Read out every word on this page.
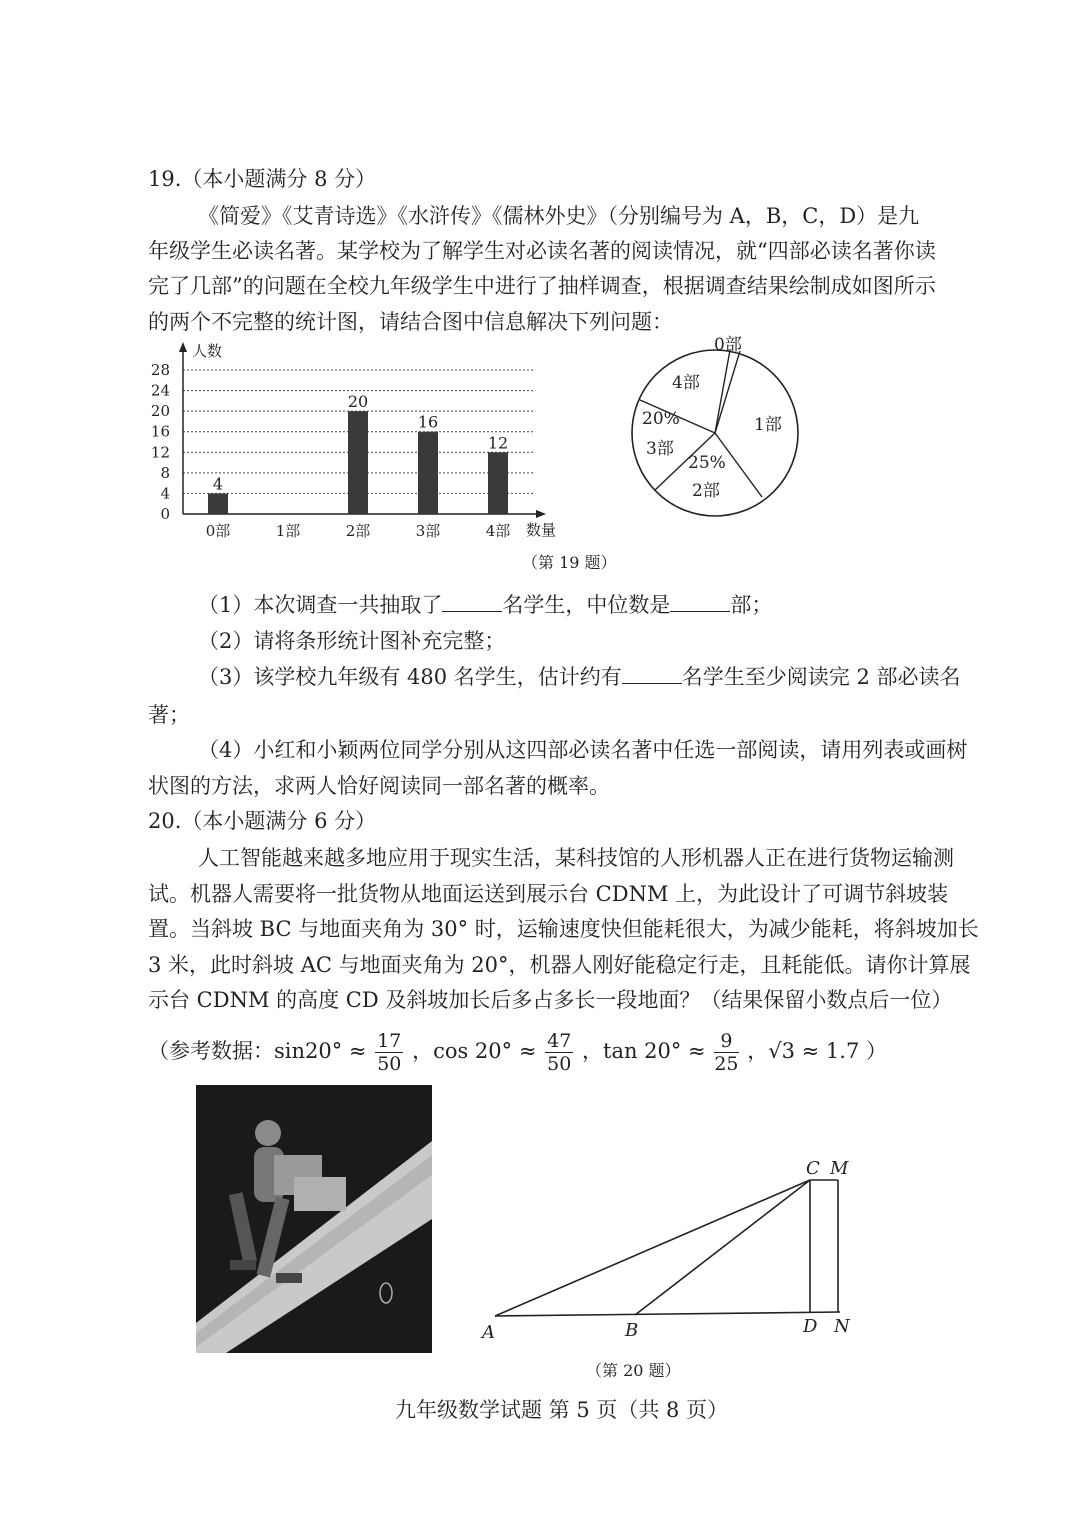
19.（本小题满分 8 分）
《简爱》《艾青诗选》《水浒传》《儒林外史》（分别编号为 A，B，C，D）是九
年级学生必读名著。某学校为了解学生对必读名著的阅读情况，就“四部必读名著你读
完了几部”的问题在全校九年级学生中进行了抽样调查，根据调查结果绘制成如图所示
的两个不完整的统计图，请结合图中信息解决下列问题：
人数
数量
0
4
8
12
16
20
24
28
4
20
16
12
0部	1部	2部	3部	4部
0部
1部
4部
20%
3部
25%
2部
（第 19 题）
（1）本次调查一共抽取了	名学生，中位数是	部；
（2）请将条形统计图补充完整；
（3）该学校九年级有 480 名学生，估计约有	名学生至少阅读完 2 部必读名
著；
（4）小红和小颖两位同学分别从这四部必读名著中任选一部阅读，请用列表或画树
状图的方法，求两人恰好阅读同一部名著的概率。
20.（本小题满分 6 分）
人工智能越来越多地应用于现实生活，某科技馆的人形机器人正在进行货物运输测
试。机器人需要将一批货物从地面运送到展示台 CDNM 上，为此设计了可调节斜坡装
置。当斜坡 BC 与地面夹角为 30° 时，运输速度快但能耗很大，为减少能耗，将斜坡加长
3 米，此时斜坡 AC 与地面夹角为 20°，机器人刚好能稳定行走，且耗能低。请你计算展
示台 CDNM 的高度 CD 及斜坡加长后多占多长一段地面？（结果保留小数点后一位）
（参考数据：$\sin 20^\circ \approx \frac{17}{50}$ ，$\cos 20^\circ \approx \frac{47}{50}$ ，$\tan 20^\circ \approx \frac{9}{25}$ ，√3 ≈ 1.7 ）
A	B
C M
D N
（第 20 题）
九年级数学试题 第 5 页（共 8 页）
